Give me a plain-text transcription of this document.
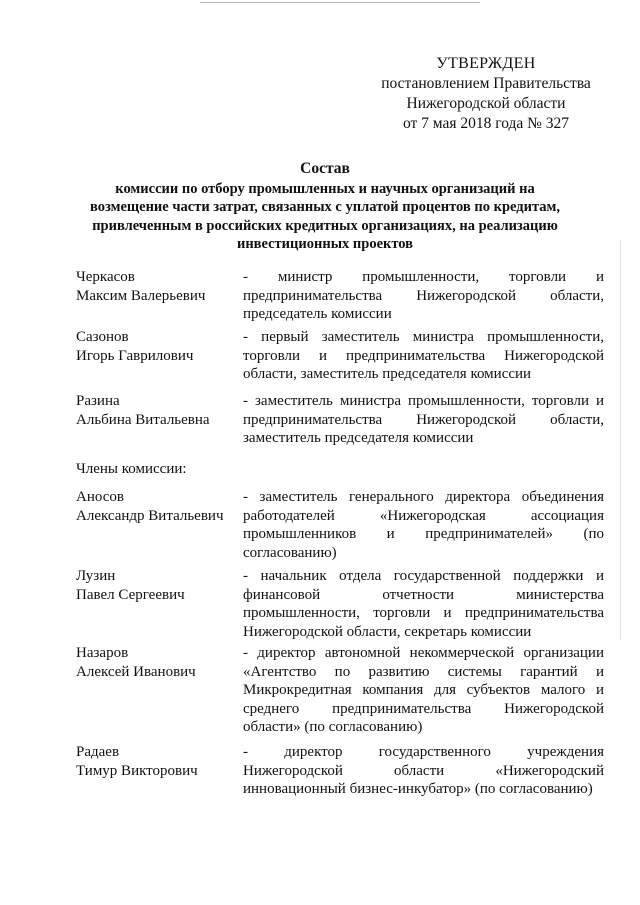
УТВЕРЖДЕН
постановлением Правительства
Нижегородской области
от 7 мая 2018 года № 327
Состав
комиссии по отбору промышленных и научных организаций на
возмещение части затрат, связанных с уплатой процентов по кредитам,
привлеченным в российских кредитных организациях, на реализацию
инвестиционных проектов
Черкасов
Максим Валерьевич
- министр промышленности, торговли и предпринимательства Нижегородской области, председатель комиссии
Сазонов
Игорь Гаврилович
- первый заместитель министра промышленности, торговли и предпринимательства Нижегородской области, заместитель председателя комиссии
Разина
Альбина Витальевна
- заместитель министра промышленности, торговли и предпринимательства Нижегородской области, заместитель председателя комиссии
Члены комиссии:
Аносов
Александр Витальевич
- заместитель генерального директора объединения работодателей «Нижегородская ассоциация промышленников и предпринимателей» (по согласованию)
Лузин
Павел Сергеевич
- начальник отдела государственной поддержки и финансовой отчетности министерства промышленности, торговли и предпринимательства Нижегородской области, секретарь комиссии
Назаров
Алексей Иванович
- директор автономной некоммерческой организации «Агентство по развитию системы гарантий и Микрокредитная компания для субъектов малого и среднего предпринимательства Нижегородской области» (по согласованию)
Радаев
Тимур Викторович
- директор государственного учреждения Нижегородской области «Нижегородский инновационный бизнес-инкубатор» (по согласованию)
